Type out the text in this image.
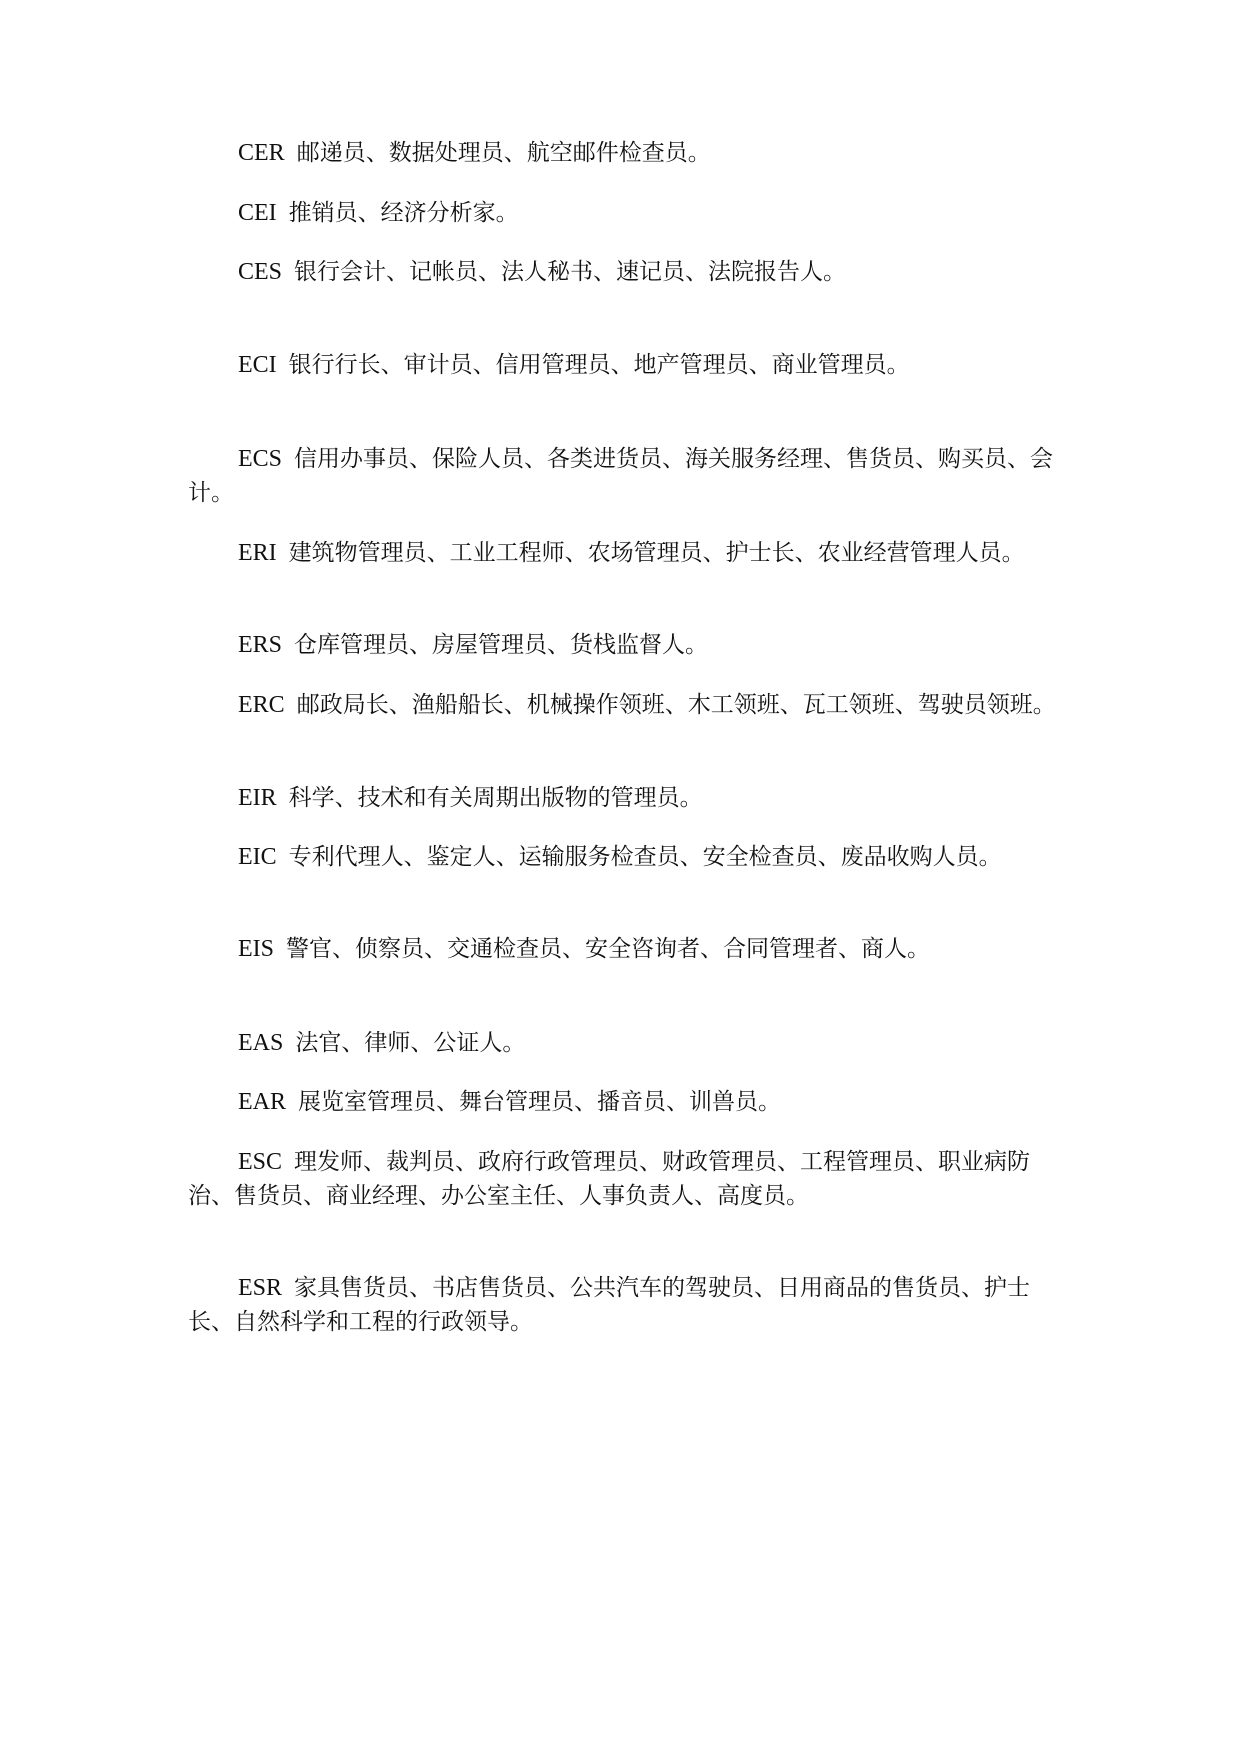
CER 邮递员、数据处理员、航空邮件检查员。

CEI 推销员、经济分析家。

CES 银行会计、记帐员、法人秘书、速记员、法院报告人。

ECI 银行行长、审计员、信用管理员、地产管理员、商业管理员。

ECS 信用办事员、保险人员、各类进货员、海关服务经理、售货员、购买员、会计。

ERI 建筑物管理员、工业工程师、农场管理员、护士长、农业经营管理人员。

ERS 仓库管理员、房屋管理员、货栈监督人。

ERC 邮政局长、渔船船长、机械操作领班、木工领班、瓦工领班、驾驶员领班。

EIR 科学、技术和有关周期出版物的管理员。

EIC 专利代理人、鉴定人、运输服务检查员、安全检查员、废品收购人员。

EIS 警官、侦察员、交通检查员、安全咨询者、合同管理者、商人。

EAS 法官、律师、公证人。

EAR 展览室管理员、舞台管理员、播音员、训兽员。

ESC 理发师、裁判员、政府行政管理员、财政管理员、工程管理员、职业病防治、售货员、商业经理、办公室主任、人事负责人、高度员。

ESR 家具售货员、书店售货员、公共汽车的驾驶员、日用商品的售货员、护士长、自然科学和工程的行政领导。
